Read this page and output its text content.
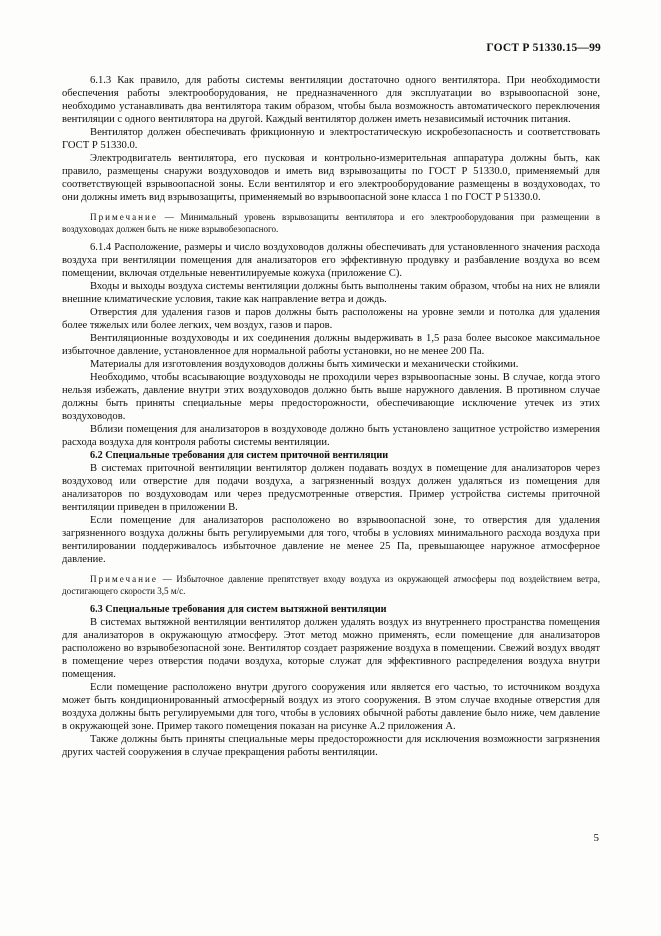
ГОСТ Р 51330.15—99

6.1.3 Как правило, для работы системы вентиляции достаточно одного вентилятора. При необходимости обеспечения работы электрооборудования, не предназначенного для эксплуатации во взрывоопасной зоне, необходимо устанавливать два вентилятора таким образом, чтобы была возможность автоматического переключения вентиляции с одного вентилятора на другой. Каждый вентилятор должен иметь независимый источник питания.

Вентилятор должен обеспечивать фрикционную и электростатическую искробезопасность и соответствовать ГОСТ Р 51330.0.

Электродвигатель вентилятора, его пусковая и контрольно-измерительная аппаратура должны быть, как правило, размещены снаружи воздуховодов и иметь вид взрывозащиты по ГОСТ Р 51330.0, применяемый для соответствующей взрывоопасной зоны. Если вентилятор и его электрооборудование размещены в воздуховодах, то они должны иметь вид взрывозащиты, применяемый во взрывоопасной зоне класса 1 по ГОСТ Р 51330.0.

Примечание — Минимальный уровень взрывозащиты вентилятора и его электрооборудования при размещении в воздуховодах должен быть не ниже взрывобезопасного.

6.1.4 Расположение, размеры и число воздуховодов должны обеспечивать для установленного значения расхода воздуха при вентиляции помещения для анализаторов его эффективную продувку и разбавление воздуха во всем помещении, включая отдельные невентилируемые кожуха (приложение С).

Входы и выходы воздуха системы вентиляции должны быть выполнены таким образом, чтобы на них не влияли внешние климатические условия, такие как направление ветра и дождь.

Отверстия для удаления газов и паров должны быть расположены на уровне земли и потолка для удаления более тяжелых или более легких, чем воздух, газов и паров.

Вентиляционные воздуховоды и их соединения должны выдерживать в 1,5 раза более высокое максимальное избыточное давление, установленное для нормальной работы установки, но не менее 200 Па.

Материалы для изготовления воздуховодов должны быть химически и механически стойкими.

Необходимо, чтобы всасывающие воздуховоды не проходили через взрывоопасные зоны. В случае, когда этого нельзя избежать, давление внутри этих воздуховодов должно быть выше наружного давления. В противном случае должны быть приняты специальные меры предосторожности, обеспечивающие исключение утечек из этих воздуховодов.

Вблизи помещения для анализаторов в воздуховоде должно быть установлено защитное устройство измерения расхода воздуха для контроля работы системы вентиляции.

6.2 Специальные требования для систем приточной вентиляции

В системах приточной вентиляции вентилятор должен подавать воздух в помещение для анализаторов через воздуховод или отверстие для подачи воздуха, а загрязненный воздух должен удаляться из помещения для анализаторов по воздуховодам или через предусмотренные отверстия. Пример устройства системы приточной вентиляции приведен в приложении В.

Если помещение для анализаторов расположено во взрывоопасной зоне, то отверстия для удаления загрязненного воздуха должны быть регулируемыми для того, чтобы в условиях минимального расхода воздуха при вентилировании поддерживалось избыточное давление не менее 25 Па, превышающее наружное атмосферное давление.

Примечание — Избыточное давление препятствует входу воздуха из окружающей атмосферы под воздействием ветра, достигающего скорости 3,5 м/с.

6.3 Специальные требования для систем вытяжной вентиляции

В системах вытяжной вентиляции вентилятор должен удалять воздух из внутреннего пространства помещения для анализаторов в окружающую атмосферу. Этот метод можно применять, если помещение для анализаторов расположено во взрывобезопасной зоне. Вентилятор создает разряжение воздуха в помещении. Свежий воздух вводят в помещение через отверстия подачи воздуха, которые служат для эффективного распределения воздуха внутри помещения.

Если помещение расположено внутри другого сооружения или является его частью, то источником воздуха может быть кондиционированный атмосферный воздух из этого сооружения. В этом случае входные отверстия для воздуха должны быть регулируемыми для того, чтобы в условиях обычной работы давление было ниже, чем давление в окружающей зоне. Пример такого помещения показан на рисунке А.2 приложения А.

Также должны быть приняты специальные меры предосторожности для исключения возможности загрязнения других частей сооружения в случае прекращения работы вентиляции.

5
